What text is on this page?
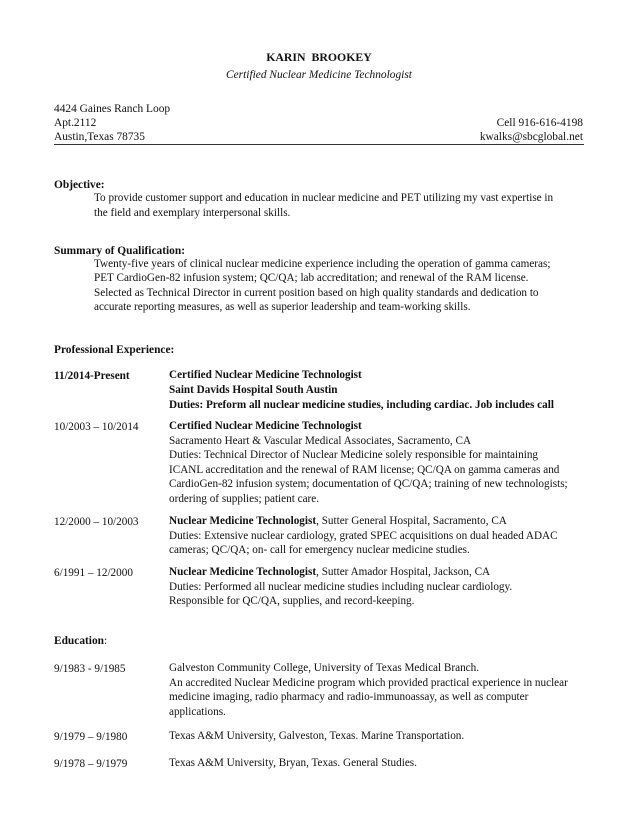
KARIN BROOKEY
Certified Nuclear Medicine Technologist
4424 Gaines Ranch Loop
Apt.2112
Austin,Texas 78735
Cell 916-616-4198
kwalks@sbcglobal.net
Objective:
To provide customer support and education in nuclear medicine and PET utilizing my vast expertise in
the field and exemplary interpersonal skills.
Summary of Qualification:
Twenty-five years of clinical nuclear medicine experience including the operation of gamma cameras;
PET CardioGen-82 infusion system; QC/QA; lab accreditation; and renewal of the RAM license.
Selected as Technical Director in current position based on high quality standards and dedication to
accurate reporting measures, as well as superior leadership and team-working skills.
Professional Experience:
11/2014-Present	Certified Nuclear Medicine Technologist
Saint Davids Hospital South Austin
Duties: Preform all nuclear medicine studies, including cardiac. Job includes call
10/2003 – 10/2014	Certified Nuclear Medicine Technologist
Sacramento Heart & Vascular Medical Associates, Sacramento, CA
Duties: Technical Director of Nuclear Medicine solely responsible for maintaining
ICANL accreditation and the renewal of RAM license; QC/QA on gamma cameras and
CardioGen-82 infusion system; documentation of QC/QA; training of new technologists;
ordering of supplies; patient care.
12/2000 – 10/2003	Nuclear Medicine Technologist, Sutter General Hospital, Sacramento, CA
Duties: Extensive nuclear cardiology, grated SPEC acquisitions on dual headed ADAC
cameras; QC/QA; on- call for emergency nuclear medicine studies.
6/1991 – 12/2000	Nuclear Medicine Technologist, Sutter Amador Hospital, Jackson, CA
Duties: Performed all nuclear medicine studies including nuclear cardiology.
Responsible for QC/QA, supplies, and record-keeping.
Education:
9/1983 - 9/1985	Galveston Community College, University of Texas Medical Branch.
An accredited Nuclear Medicine program which provided practical experience in nuclear
medicine imaging, radio pharmacy and radio-immunoassay, as well as computer
applications.
9/1979 – 9/1980	Texas A&M University, Galveston, Texas. Marine Transportation.
9/1978 – 9/1979	Texas A&M University, Bryan, Texas. General Studies.
